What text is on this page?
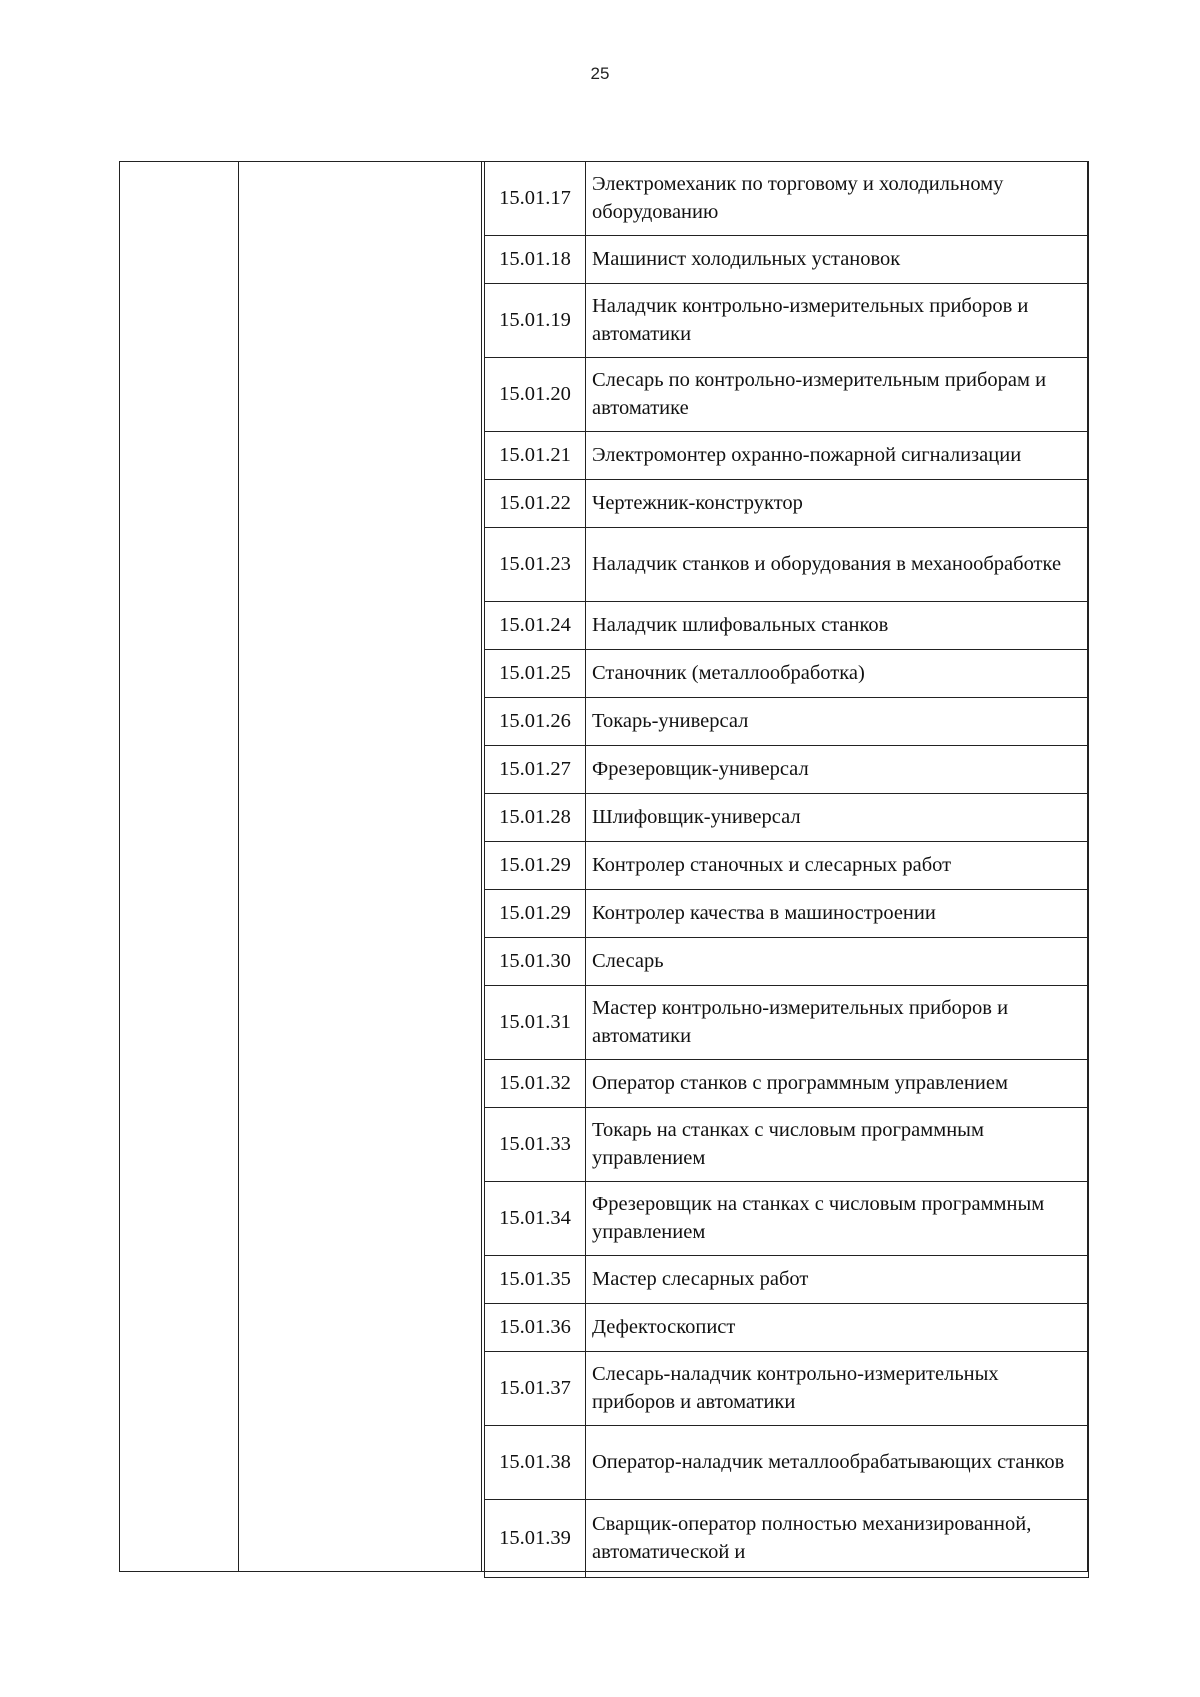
25
15.01.17	Электромеханик по торговому и холодильному оборудованию
15.01.18	Машинист холодильных установок
15.01.19	Наладчик контрольно-измерительных приборов и автоматики
15.01.20	Слесарь по контрольно-измерительным приборам и автоматике
15.01.21	Электромонтер охранно-пожарной сигнализации
15.01.22	Чертежник-конструктор
15.01.23	Наладчик станков и оборудования в механообработке
15.01.24	Наладчик шлифовальных станков
15.01.25	Станочник (металлообработка)
15.01.26	Токарь-универсал
15.01.27	Фрезеровщик-универсал
15.01.28	Шлифовщик-универсал
15.01.29	Контролер станочных и слесарных работ
15.01.29	Контролер качества в машиностроении
15.01.30	Слесарь
15.01.31	Мастер контрольно-измерительных приборов и автоматики
15.01.32	Оператор станков с программным управлением
15.01.33	Токарь на станках с числовым программным управлением
15.01.34	Фрезеровщик на станках с числовым программным управлением
15.01.35	Мастер слесарных работ
15.01.36	Дефектоскопист
15.01.37	Слесарь-наладчик контрольно-измерительных приборов и автоматики
15.01.38	Оператор-наладчик металлообрабатывающих станков
15.01.39	Сварщик-оператор полностью механизированной, автоматической и
